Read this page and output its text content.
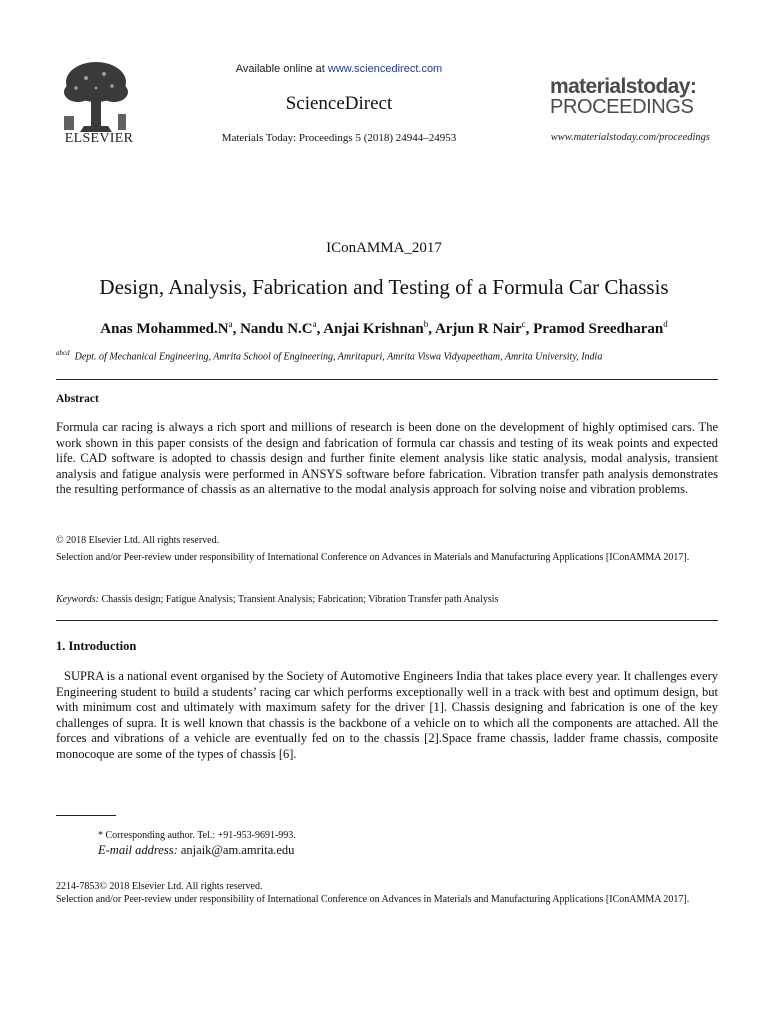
ELSEVIER
Available online at www.sciencedirect.com
ScienceDirect
Materials Today: Proceedings 5 (2018) 24944–24953
materialstoday:
PROCEEDINGS
www.materialstoday.com/proceedings
IConAMMA_2017
Design, Analysis, Fabrication and Testing of a Formula Car Chassis
Anas $Mohammed.N^a$, Nandu $N.C^a$, Anjai Krishnan$^b$, Arjun R Nair$^c$, Pramod Sreedharan$^d$
$^{abcd}$ Dept. of Mechanical Engineering, Amrita School of Engineering, Amritapuri, Amrita Viswa Vidyapeetham, Amrita University, India
Abstract
Formula car racing is always a rich sport and millions of research is been done on the development of highly optimised cars. The work shown in this paper consists of the design and fabrication of formula car chassis and testing of its weak points and expected life. CAD software is adopted to chassis design and further finite element analysis like static analysis, modal analysis, transient analysis and fatigue analysis were performed in ANSYS software before fabrication. Vibration transfer path analysis demonstrates the resulting performance of chassis as an alternative to the modal analysis approach for solving noise and vibration problems.
© 2018 Elsevier Ltd. All rights reserved.
Selection and/or Peer-review under responsibility of International Conference on Advances in Materials and Manufacturing Applications [IConAMMA 2017].
Keywords: Chassis design; Fatigue Analysis; Transient Analysis; Fabrication; Vibration Transfer path Analysis
1. Introduction
SUPRA is a national event organised by the Society of Automotive Engineers India that takes place every year. It challenges every Engineering student to build a students’ racing car which performs exceptionally well in a track with best and optimum design, but with minimum cost and ultimately with maximum safety for the driver [1]. Chassis designing and fabrication is one of the key challenges of supra. It is well known that chassis is the backbone of a vehicle on to which all the components are attached. All the forces and vibrations of a vehicle are eventually fed on to the chassis [2].Space frame chassis, ladder frame chassis, composite monocoque are some of the types of chassis [6].
* Corresponding author. Tel.: +91-953-9691-993.
E-mail address: anjaik@am.amrita.edu
2214-7853© 2018 Elsevier Ltd. All rights reserved.
Selection and/or Peer-review under responsibility of International Conference on Advances in Materials and Manufacturing Applications [IConAMMA 2017].
